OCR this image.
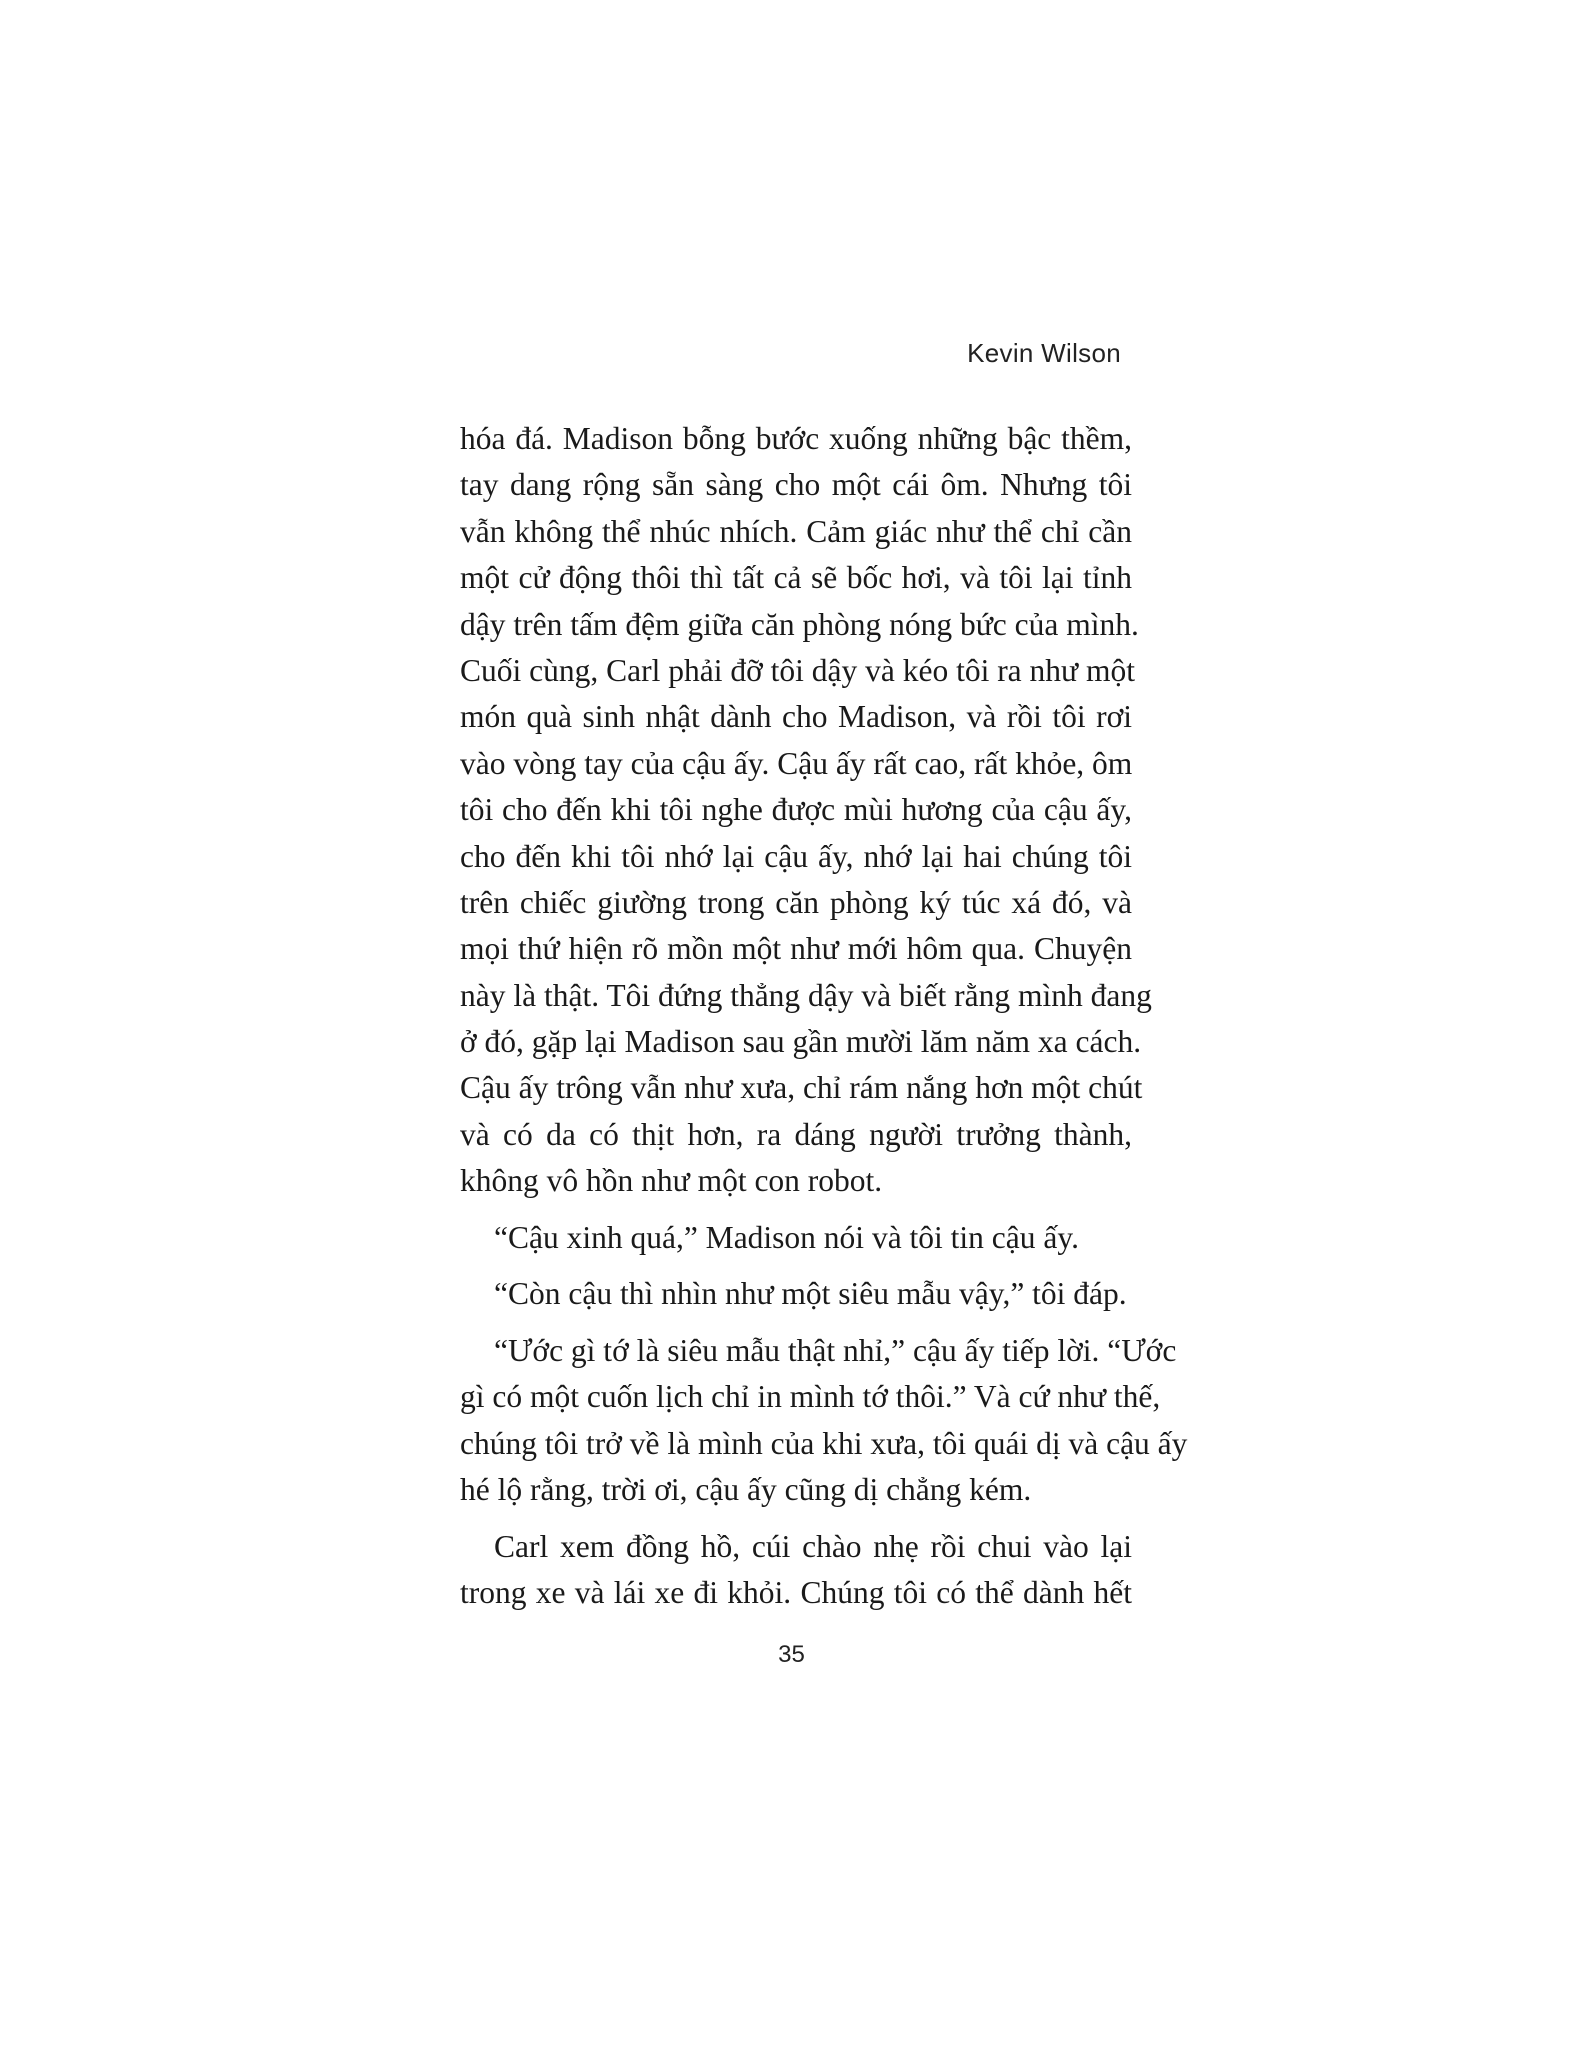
Kevin Wilson
hóa đá. Madison bỗng bước xuống những bậc thềm,
tay dang rộng sẵn sàng cho một cái ôm. Nhưng tôi
vẫn không thể nhúc nhích. Cảm giác như thể chỉ cần
một cử động thôi thì tất cả sẽ bốc hơi, và tôi lại tỉnh
dậy trên tấm đệm giữa căn phòng nóng bức của mình.
Cuối cùng, Carl phải đỡ tôi dậy và kéo tôi ra như một
món quà sinh nhật dành cho Madison, và rồi tôi rơi
vào vòng tay của cậu ấy. Cậu ấy rất cao, rất khỏe, ôm
tôi cho đến khi tôi nghe được mùi hương của cậu ấy,
cho đến khi tôi nhớ lại cậu ấy, nhớ lại hai chúng tôi
trên chiếc giường trong căn phòng ký túc xá đó, và
mọi thứ hiện rõ mồn một như mới hôm qua. Chuyện
này là thật. Tôi đứng thẳng dậy và biết rằng mình đang
ở đó, gặp lại Madison sau gần mười lăm năm xa cách.
Cậu ấy trông vẫn như xưa, chỉ rám nắng hơn một chút
và có da có thịt hơn, ra dáng người trưởng thành,
không vô hồn như một con robot.
“Cậu xinh quá,” Madison nói và tôi tin cậu ấy.
“Còn cậu thì nhìn như một siêu mẫu vậy,” tôi đáp.
“Ước gì tớ là siêu mẫu thật nhỉ,” cậu ấy tiếp lời. “Ước
gì có một cuốn lịch chỉ in mình tớ thôi.” Và cứ như thế,
chúng tôi trở về là mình của khi xưa, tôi quái dị và cậu ấy
hé lộ rằng, trời ơi, cậu ấy cũng dị chẳng kém.
Carl xem đồng hồ, cúi chào nhẹ rồi chui vào lại
trong xe và lái xe đi khỏi. Chúng tôi có thể dành hết
35
